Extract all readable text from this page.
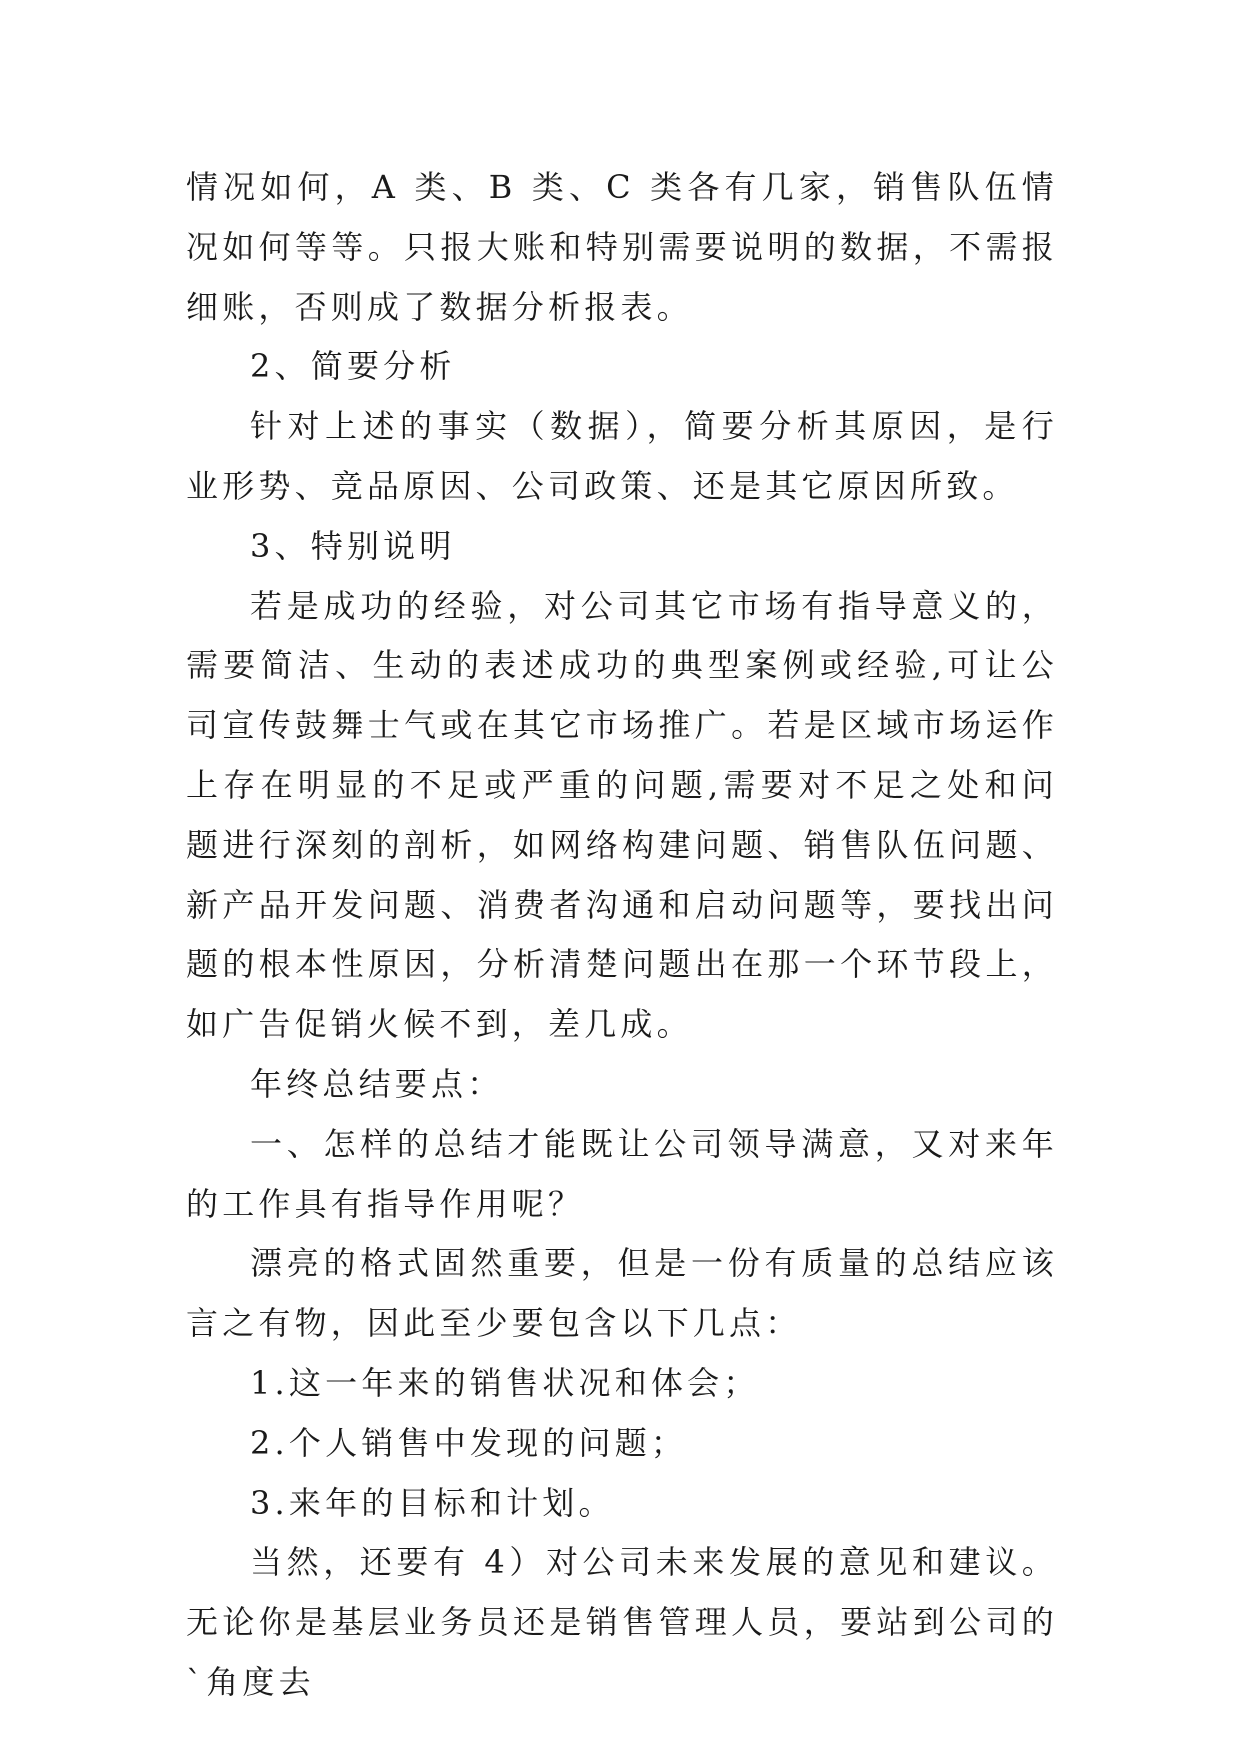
情况如何，A 类、B 类、C 类各有几家，销售队伍情况如何等等。只报大账和特别需要说明的数据，不需报细账，否则成了数据分析报表。

2、简要分析

针对上述的事实（数据），简要分析其原因，是行业形势、竞品原因、公司政策、还是其它原因所致。

3、特别说明

若是成功的经验，对公司其它市场有指导意义的，需要简洁、生动的表述成功的典型案例或经验,可让公司宣传鼓舞士气或在其它市场推广。若是区域市场运作上存在明显的不足或严重的问题,需要对不足之处和问题进行深刻的剖析，如网络构建问题、销售队伍问题、新产品开发问题、消费者沟通和启动问题等，要找出问题的根本性原因，分析清楚问题出在那一个环节段上，如广告促销火候不到，差几成。

年终总结要点：

一、怎样的总结才能既让公司领导满意，又对来年的工作具有指导作用呢？

漂亮的格式固然重要，但是一份有质量的总结应该言之有物，因此至少要包含以下几点：

1.这一年来的销售状况和体会；

2.个人销售中发现的问题；

3.来年的目标和计划。

当然，还要有 4）对公司未来发展的意见和建议。无论你是基层业务员还是销售管理人员，要站到公司的`角度去
